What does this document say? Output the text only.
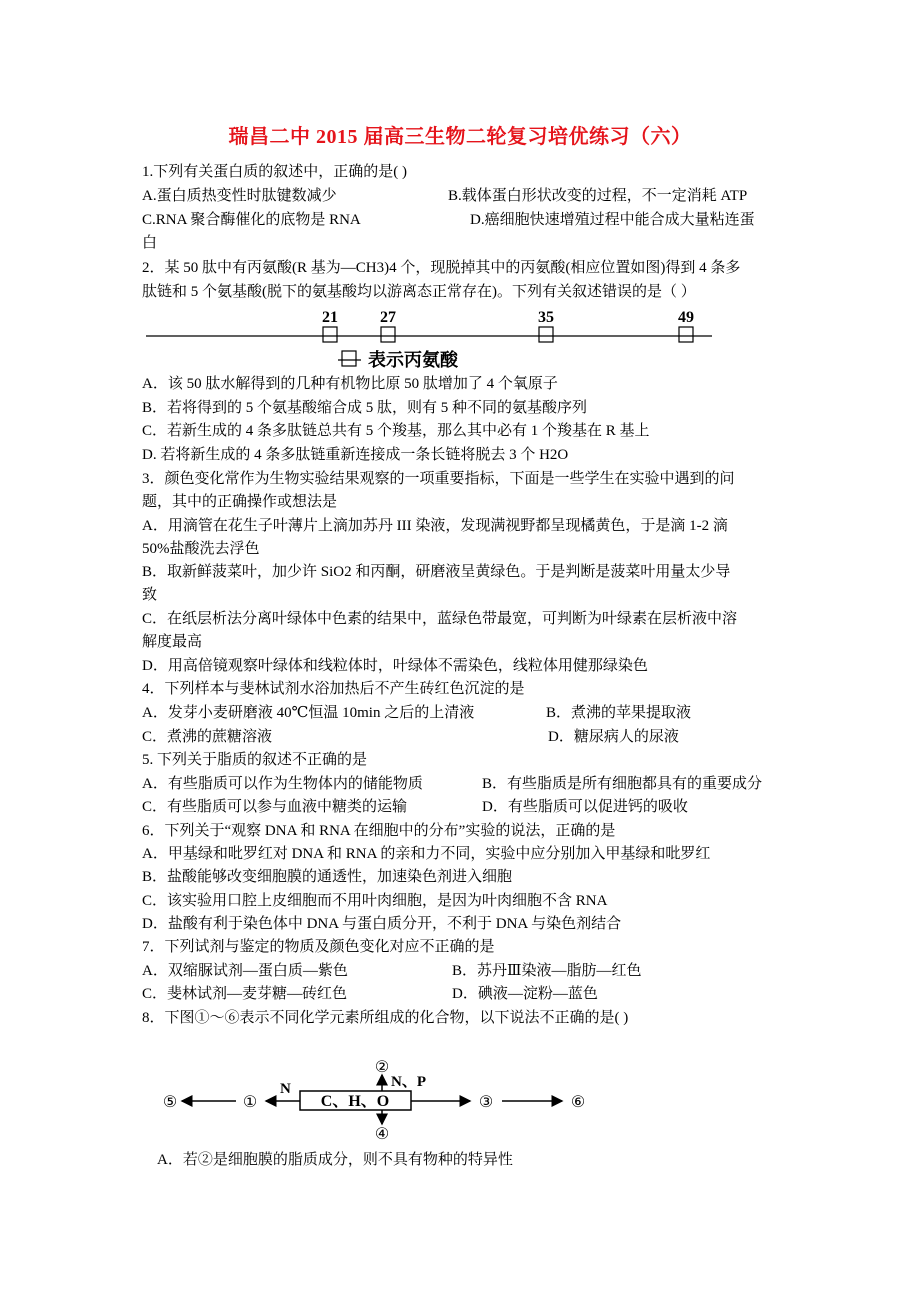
瑞昌二中 2015 届高三生物二轮复习培优练习（六）
1.下列有关蛋白质的叙述中，正确的是( )
A.蛋白质热变性时肽键数减少	B.载体蛋白形状改变的过程，不一定消耗 ATP
C.RNA 聚合酶催化的底物是 RNA	D.癌细胞快速增殖过程中能合成大量粘连蛋
白
2．某 50 肽中有丙氨酸(R 基为—CH3)4 个，现脱掉其中的丙氨酸(相应位置如图)得到 4 条多
肽链和 5 个氨基酸(脱下的氨基酸均以游离态正常存在)。下列有关叙述错误的是（ ）
21	27	35	49
表示丙氨酸
A．该 50 肽水解得到的几种有机物比原 50 肽增加了 4 个氧原子
B．若将得到的 5 个氨基酸缩合成 5 肽，则有 5 种不同的氨基酸序列
C．若新生成的 4 条多肽链总共有 5 个羧基，那么其中必有 1 个羧基在 R 基上
D. 若将新生成的 4 条多肽链重新连接成一条长链将脱去 3 个 H2O
3．颜色变化常作为生物实验结果观察的一项重要指标，下面是一些学生在实验中遇到的问
题，其中的正确操作或想法是
A．用滴管在花生子叶薄片上滴加苏丹 III 染液，发现满视野都呈现橘黄色，于是滴 1-2 滴
50%盐酸洗去浮色
B．取新鲜菠菜叶，加少许 SiO2 和丙酮，研磨液呈黄绿色。于是判断是菠菜叶用量太少导
致
C．在纸层析法分离叶绿体中色素的结果中，蓝绿色带最宽，可判断为叶绿素在层析液中溶
解度最高
D．用高倍镜观察叶绿体和线粒体时，叶绿体不需染色，线粒体用健那绿染色
4．下列样本与斐林试剂水浴加热后不产生砖红色沉淀的是
A．发芽小麦研磨液 40℃恒温 10min 之后的上清液	B．煮沸的苹果提取液
C．煮沸的蔗糖溶液	D．糖尿病人的尿液
5. 下列关于脂质的叙述不正确的是
A．有些脂质可以作为生物体内的储能物质	B．有些脂质是所有细胞都具有的重要成分
C．有些脂质可以参与血液中糖类的运输	D．有些脂质可以促进钙的吸收
6．下列关于“观察 DNA 和 RNA 在细胞中的分布”实验的说法，正确的是
A．甲基绿和吡罗红对 DNA 和 RNA 的亲和力不同，实验中应分别加入甲基绿和吡罗红
B．盐酸能够改变细胞膜的通透性，加速染色剂进入细胞
C．该实验用口腔上皮细胞而不用叶肉细胞，是因为叶肉细胞不含 RNA
D．盐酸有利于染色体中 DNA 与蛋白质分开，不利于 DNA 与染色剂结合
7．下列试剂与鉴定的物质及颜色变化对应不正确的是
A．双缩脲试剂—蛋白质—紫色	B．苏丹Ⅲ染液—脂肪—红色
C．斐林试剂—麦芽糖—砖红色	D．碘液—淀粉—蓝色
8．下图①～⑥表示不同化学元素所组成的化合物，以下说法不正确的是( )
C、H、O
N
①
⑤
②
N、P
④
③	⑥
A．若②是细胞膜的脂质成分，则不具有物种的特异性
